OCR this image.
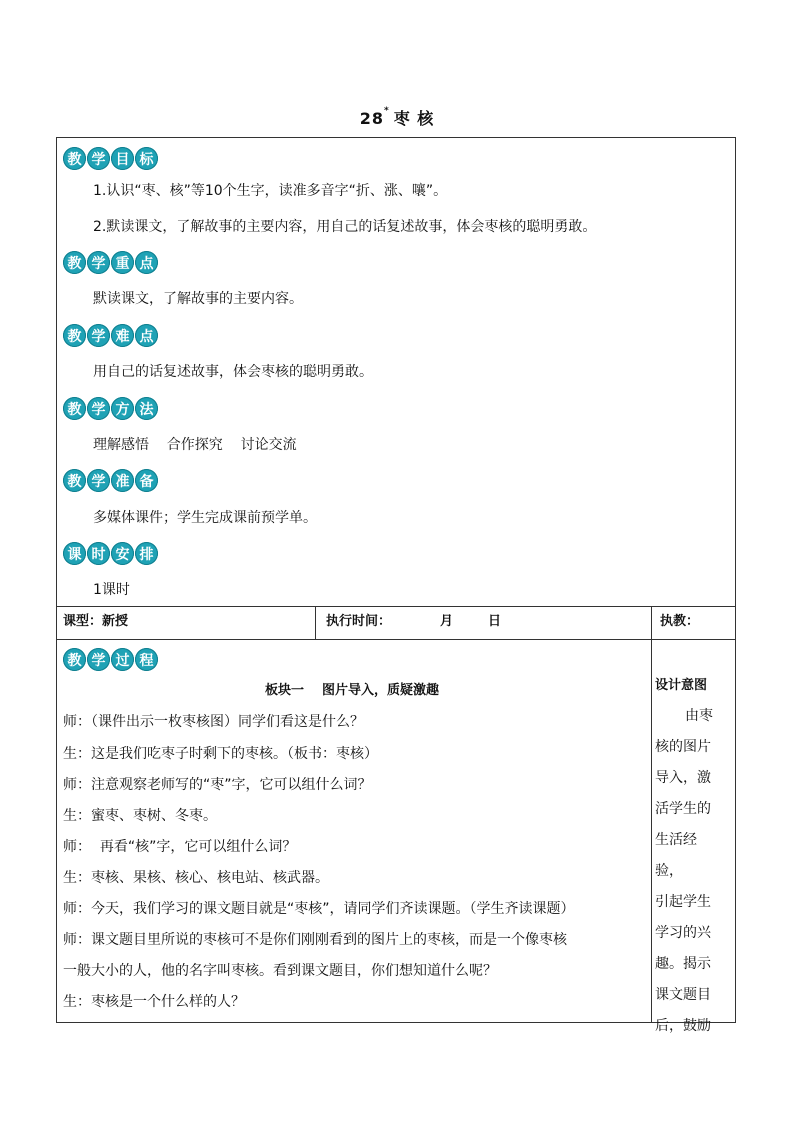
28* 枣 核
教 学 目 标
1.认识“枣、核”等10个生字，读准多音字“折、涨、嚷”。
2.默读课文，了解故事的主要内容，用自己的话复述故事，体会枣核的聪明勇敢。
教 学 重 点
默读课文，了解故事的主要内容。
教 学 难 点
用自己的话复述故事，体会枣核的聪明勇敢。
教 学 方 法
理解感悟    合作探究    讨论交流
教 学 准 备
多媒体课件；学生完成课前预学单。
课 时 安 排
1课时
课型：新授	执行时间：	月	日	执教：
教 学 过 程
板块一    图片导入，质疑激趣
师：（课件出示一枚枣核图）同学们看这是什么？
生：这是我们吃枣子时剩下的枣核。（板书：枣核）
师：注意观察老师写的“枣”字，它可以组什么词？
生：蜜枣、枣树、冬枣。
师：  再看“核”字，它可以组什么词？
生：枣核、果核、核心、核电站、核武器。
师：今天，我们学习的课文题目就是“枣核”，请同学们齐读课题。（学生齐读课题）
师：课文题目里所说的枣核可不是你们刚刚看到的图片上的枣核，而是一个像枣核
一般大小的人，他的名字叫枣核。看到课文题目，你们想知道什么呢？
生：枣核是一个什么样的人？
设计意图
由枣
核的图片
导入，激
活学生的
生活经验，
引起学生
学习的兴
趣。揭示
课文题目
后，鼓励
